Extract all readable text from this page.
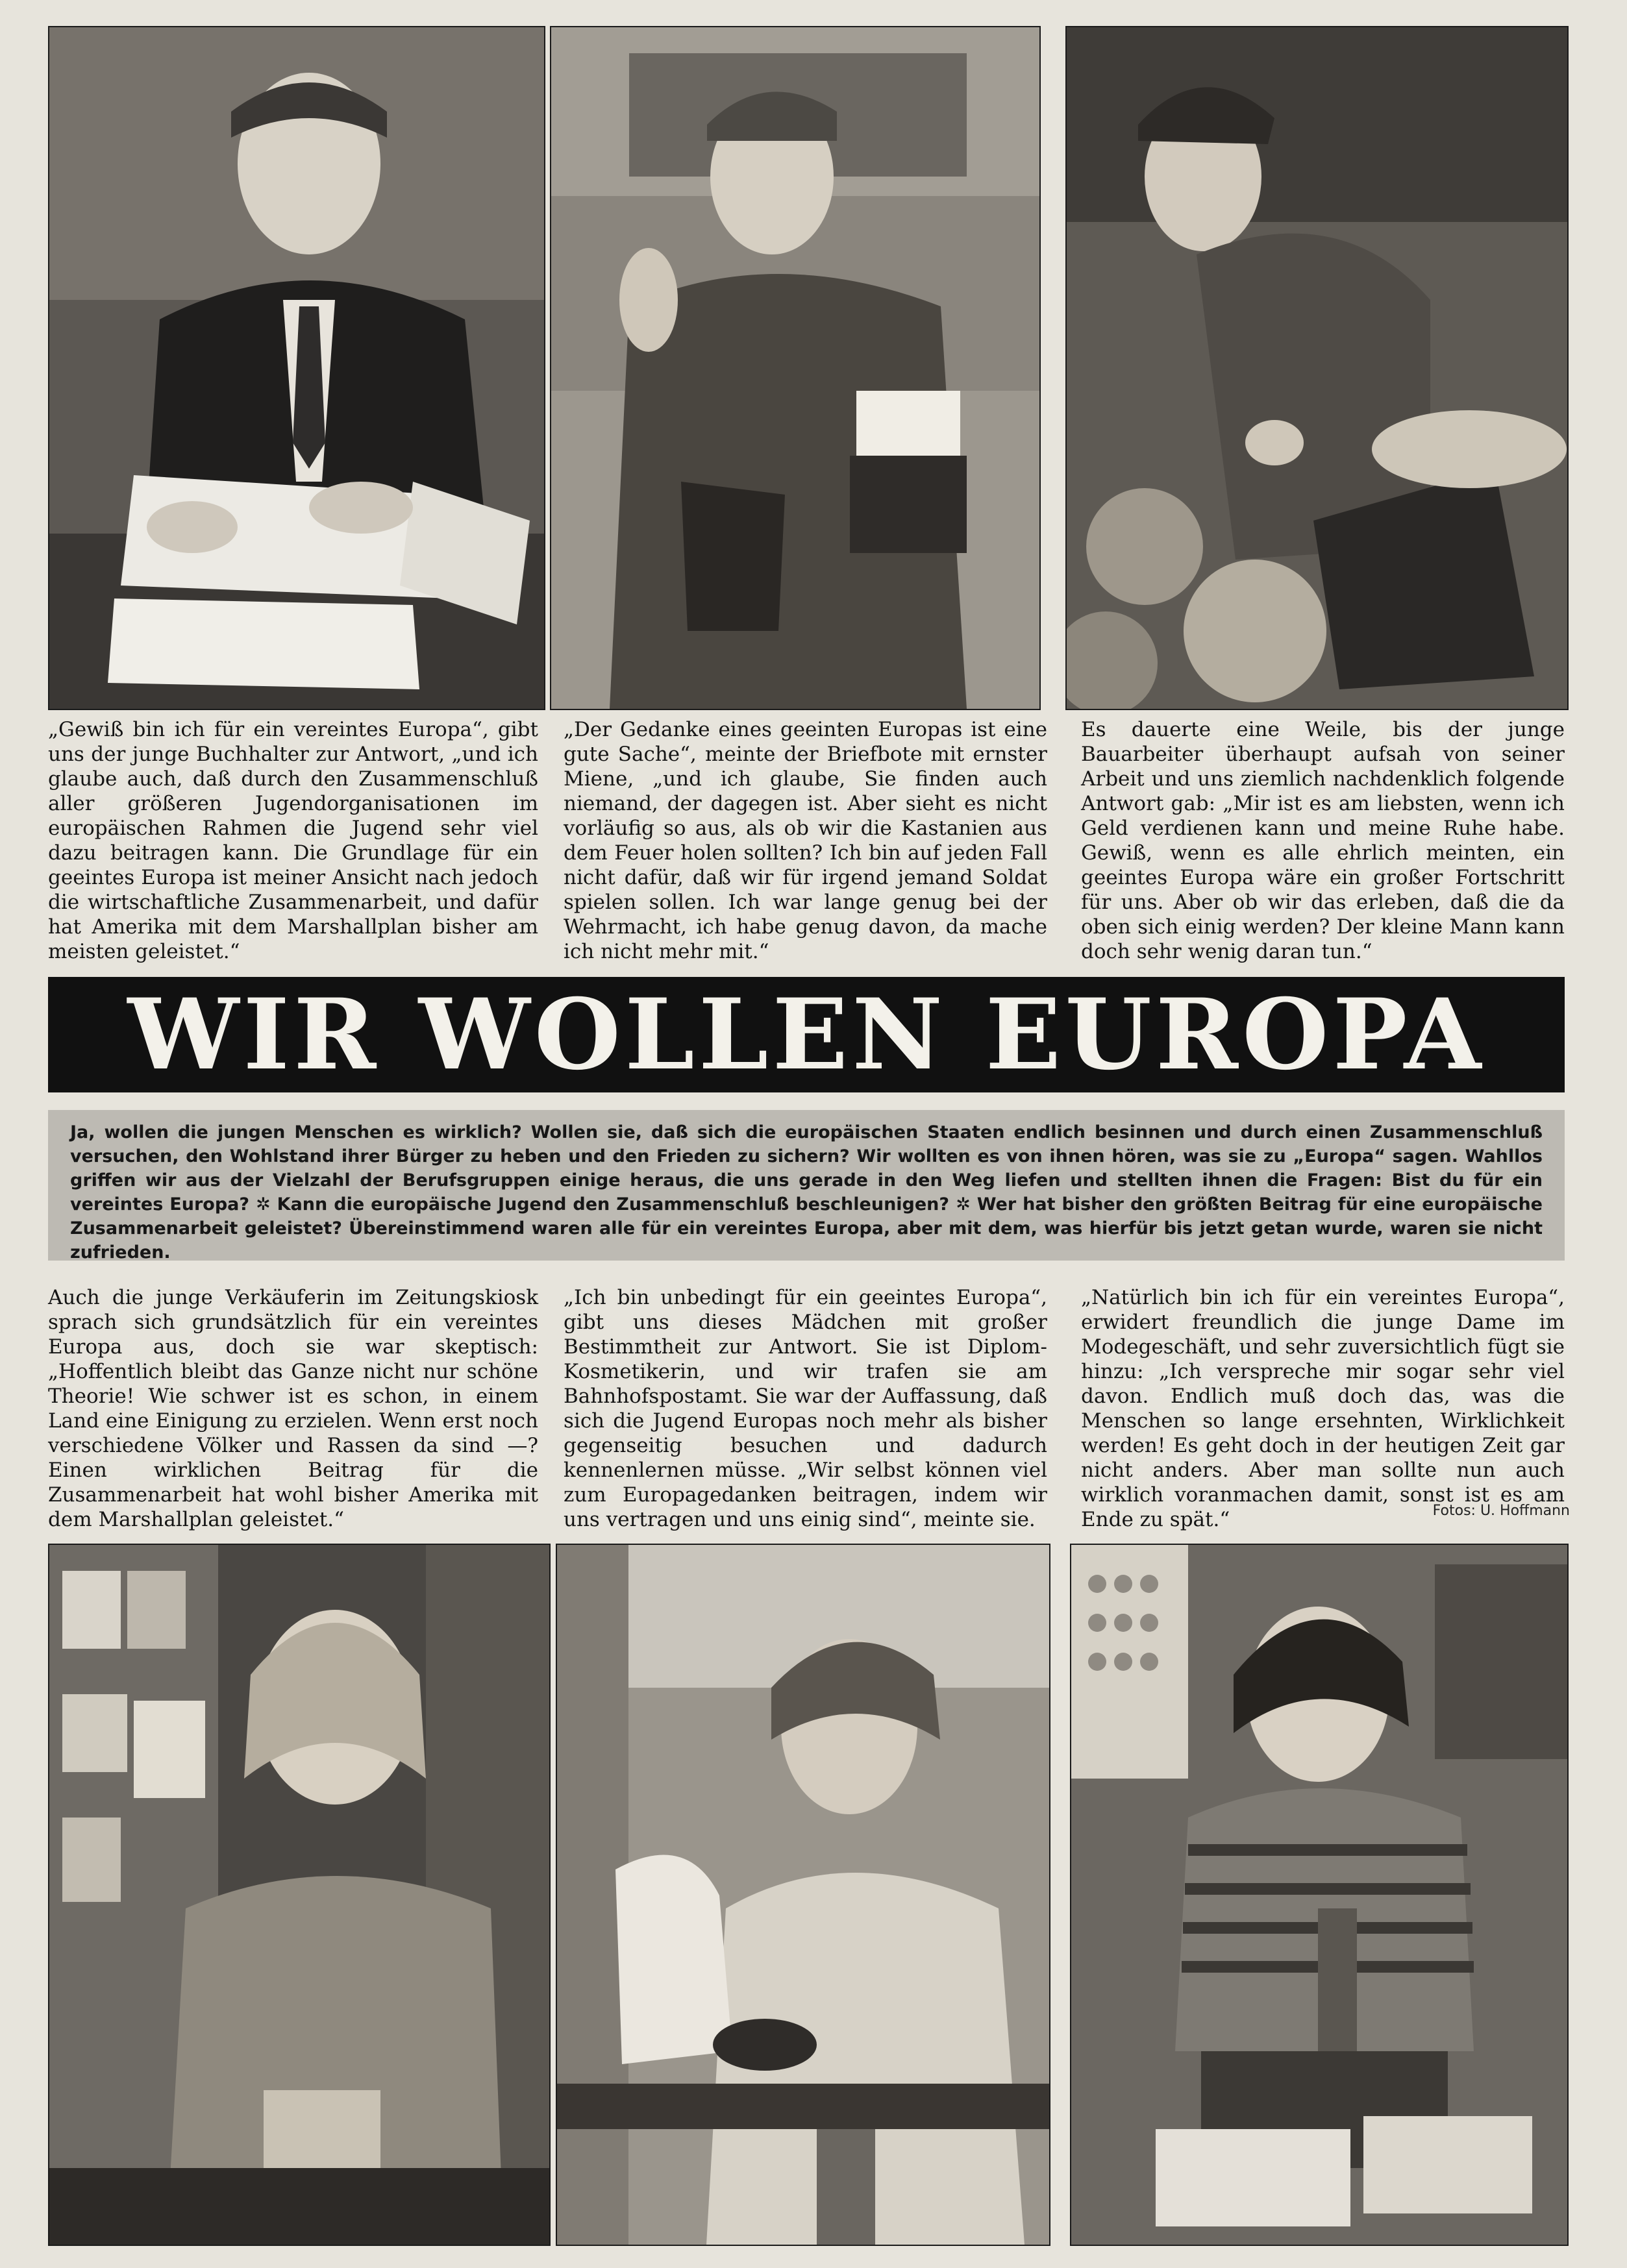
„Gewiß bin ich für ein vereintes Europa“, gibt uns der junge Buchhalter zur Antwort, „und ich glaube auch, daß durch den Zusammenschluß aller größeren Jugendorganisationen im europäischen Rahmen die Jugend sehr viel dazu beitragen kann. Die Grundlage für ein geeintes Europa ist meiner Ansicht nach jedoch die wirtschaftliche Zusammenarbeit, und dafür hat Amerika mit dem Marshallplan bisher am meisten geleistet.“
„Der Gedanke eines geeinten Europas ist eine gute Sache“, meinte der Briefbote mit ernster Miene, „und ich glaube, Sie finden auch niemand, der dagegen ist. Aber sieht es nicht vorläufig so aus, als ob wir die Kastanien aus dem Feuer holen sollten? Ich bin auf jeden Fall nicht dafür, daß wir für irgend jemand Soldat spielen sollen. Ich war lange genug bei der Wehrmacht, ich habe genug davon, da mache ich nicht mehr mit.“
Es dauerte eine Weile, bis der junge Bauarbeiter überhaupt aufsah von seiner Arbeit und uns ziemlich nachdenklich folgende Antwort gab: „Mir ist es am liebsten, wenn ich Geld verdienen kann und meine Ruhe habe. Gewiß, wenn es alle ehrlich meinten, ein geeintes Europa wäre ein großer Fortschritt für uns. Aber ob wir das erleben, daß die da oben sich einig werden? Der kleine Mann kann doch sehr wenig daran tun.“
WIR WOLLEN EUROPA
Ja, wollen die jungen Menschen es wirklich? Wollen sie, daß sich die europäischen Staaten endlich besinnen und durch einen Zusammenschluß versuchen, den Wohlstand ihrer Bürger zu heben und den Frieden zu sichern? Wir wollten es von ihnen hören, was sie zu „Europa“ sagen. Wahllos griffen wir aus der Vielzahl der Berufsgruppen einige heraus, die uns gerade in den Weg liefen und stellten ihnen die Fragen: Bist du für ein vereintes Europa? ✲ Kann die europäische Jugend den Zusammenschluß beschleunigen? ✲ Wer hat bisher den größten Beitrag für eine europäische Zusammenarbeit geleistet? Übereinstimmend waren alle für ein vereintes Europa, aber mit dem, was hierfür bis jetzt getan wurde, waren sie nicht zufrieden.
Auch die junge Verkäuferin im Zeitungskiosk sprach sich grundsätzlich für ein vereintes Europa aus, doch sie war skeptisch: „Hoffentlich bleibt das Ganze nicht nur schöne Theorie! Wie schwer ist es schon, in einem Land eine Einigung zu erzielen. Wenn erst noch verschiedene Völker und Rassen da sind —? Einen wirklichen Beitrag für die Zusammenarbeit hat wohl bisher Amerika mit dem Marshallplan geleistet.“
„Ich bin unbedingt für ein geeintes Europa“, gibt uns dieses Mädchen mit großer Bestimmtheit zur Antwort. Sie ist Diplom-Kosmetikerin, und wir trafen sie am Bahnhofspostamt. Sie war der Auffassung, daß sich die Jugend Europas noch mehr als bisher gegenseitig besuchen und dadurch kennenlernen müsse. „Wir selbst können viel zum Europagedanken beitragen, indem wir uns vertragen und uns einig sind“, meinte sie.
„Natürlich bin ich für ein vereintes Europa“, erwidert freundlich die junge Dame im Modegeschäft, und sehr zuversichtlich fügt sie hinzu: „Ich verspreche mir sogar sehr viel davon. Endlich muß doch das, was die Menschen so lange ersehnten, Wirklichkeit werden! Es geht doch in der heutigen Zeit gar nicht anders. Aber man sollte nun auch wirklich voranmachen damit, sonst ist es am Ende zu spät.“	Fotos: U. Hoffmann
